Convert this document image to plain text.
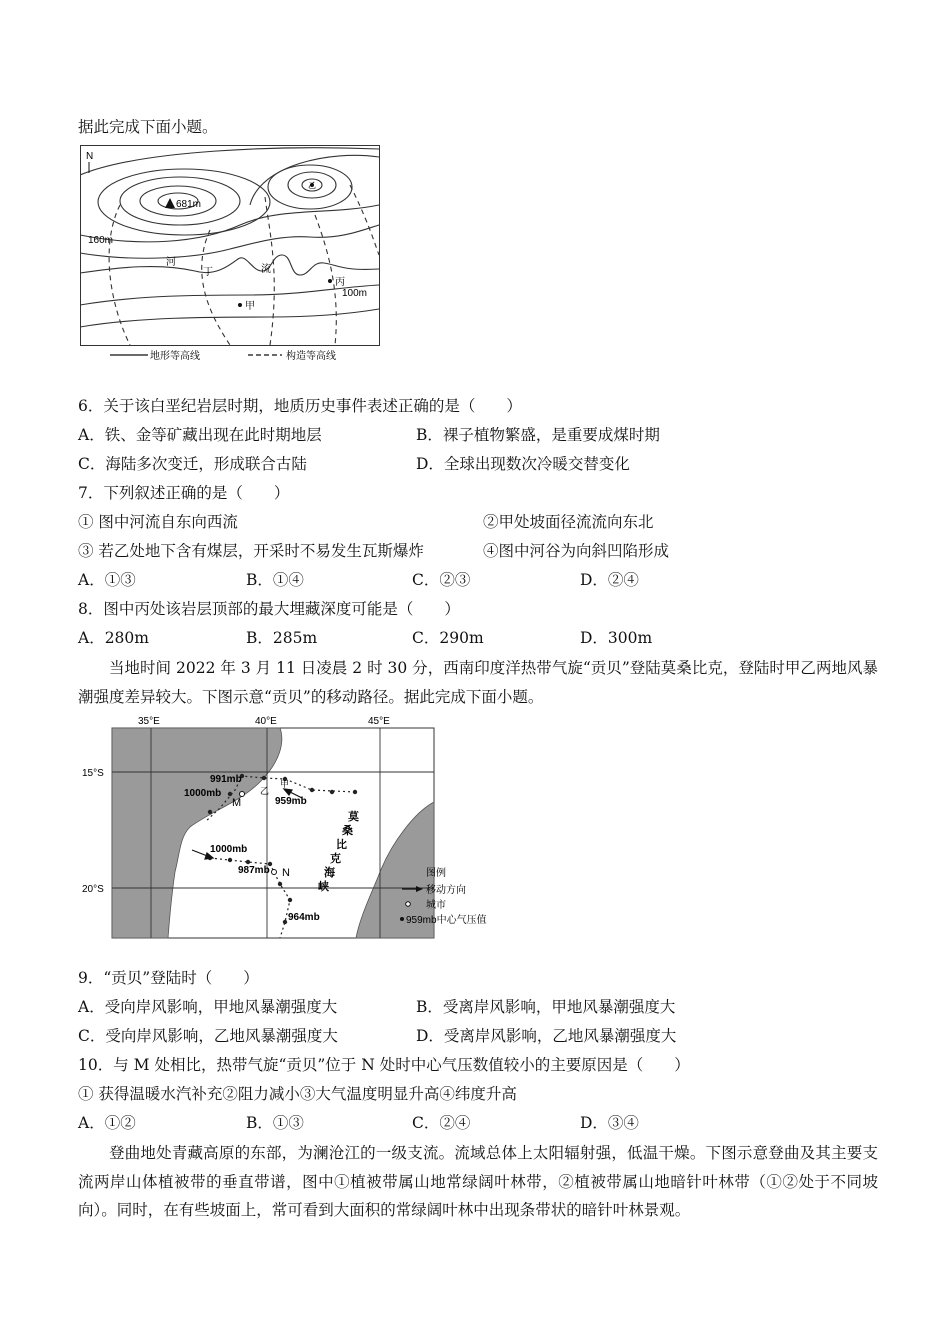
据此完成下面小题。
N
681m
160m
100m
河
流
丁
甲
丙
乙
地形等高线	构造等高线
6．关于该白垩纪岩层时期，地质历史事件表述正确的是（　　）
A．铁、金等矿藏出现在此时期地层	B．裸子植物繁盛，是重要成煤时期
C．海陆多次变迁，形成联合古陆	D．全球出现数次冷暖交替变化
7．下列叙述正确的是（　　）
① 图中河流自东向西流	②甲处坡面径流流向东北
③ 若乙处地下含有煤层，开采时不易发生瓦斯爆炸	④图中河谷为向斜凹陷形成
A．①③	B．①④	C．②③	D．②④
8．图中丙处该岩层顶部的最大埋藏深度可能是（　　）
A．280m	B．285m	C．290m	D．300m
当地时间 2022 年 3 月 11 日凌晨 2 时 30 分，西南印度洋热带气旋“贡贝”登陆莫桑比克，登陆时甲乙两地风暴潮强度差异较大。下图示意“贡贝”的移动路径。据此完成下面小题。
35°E	40°E	45°E
15°S
20°S
991mb
1000mb
959mb
1000mb
987mb
964mb
M
N
甲
乙
莫
桑
比
克
海
峡
图例
移动方向
城市
959mb中心气压值
9．“贡贝”登陆时（　　）
A．受向岸风影响，甲地风暴潮强度大	B．受离岸风影响，甲地风暴潮强度大
C．受向岸风影响，乙地风暴潮强度大	D．受离岸风影响，乙地风暴潮强度大
10．与 M 处相比，热带气旋“贡贝”位于 N 处时中心气压数值较小的主要原因是（　　）
① 获得温暖水汽补充②阻力减小③大气温度明显升高④纬度升高
A．①②	B．①③	C．②④	D．③④
登曲地处青藏高原的东部，为澜沧江的一级支流。流域总体上太阳辐射强，低温干燥。下图示意登曲及其主要支流两岸山体植被带的垂直带谱，图中①植被带属山地常绿阔叶林带，②植被带属山地暗针叶林带（①②处于不同坡向）。同时，在有些坡面上，常可看到大面积的常绿阔叶林中出现条带状的暗针叶林景观。
